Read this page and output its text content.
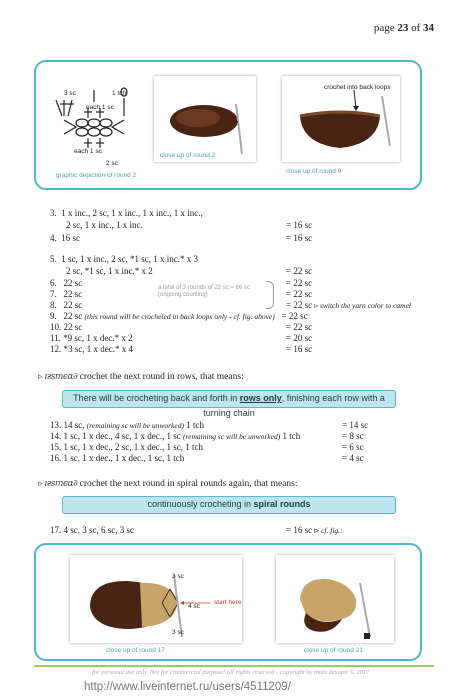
page 23 of 34
3 sc	1 tch
each 1 sc
each 1 sc
2 sc
graphic depiction of round 2
close up of round 2
crochet into back loops
close up of round 9
3. 1 x inc., 2 sc, 1 x inc., 1 x inc., 1 x inc.,
2 sc, 1 x inc., 1 x inc.	= 16 sc
4. 16 sc	= 16 sc
5. 1 sc, 1 x inc., 2 sc, *1 sc, 1 x inc.* x 3
2 sc, *1 sc, 1 x inc.* x 2	= 22 sc
6. 22 sc	= 22 sc
7. 22 sc	= 22 sc
8. 22 sc	= 22 sc ▹ switch the yarn color to camel
9. 22 sc (this round will be crocheted in back loops only - cf. fig. above) = 22 sc
10. 22 sc	= 22 sc
11. *9 sc, 1 x dec.* x 2	= 20 sc
12. *3 sc, 1 x dec.* x 4	= 16 sc
a total of 3 rounds of 22 sc = 66 sc
(ongoing counting)
▹ ıғѕтєα∂ crochet the next round in rows, that means:
There will be crocheting back and forth in rows only, finishing each row with a turning chain
13. 14 sc, (remaining sc will be unworked) 1 tch	= 14 sc
14. 1 sc, 1 x dec., 4 sc, 1 x dec., 1 sc (remaining sc will be unworked) 1 tch	= 8 sc
15. 1 sc, 1 x dec., 2 sc, 1 x dec., 1 sc, 1 tch	= 6 sc
16. 1 sc, 1 x dec., 1 x dec., 1 sc, 1 tch	= 4 sc
▹ ıғѕтєα∂ crochet the next round in spiral rounds again, that means:
continuously crocheting in spiral rounds
17. 4 sc, 3 sc, 6 sc, 3 sc	= 16 sc ▹ cf. fig.:
3 sc
4 sc
start here
3 sc
close up of round 17	close up of round 21
for personal use only. Not for commercial purpose! all rights reserved - copyright by mola designs © 2017
http://www.liveinternet.ru/users/4511209/
